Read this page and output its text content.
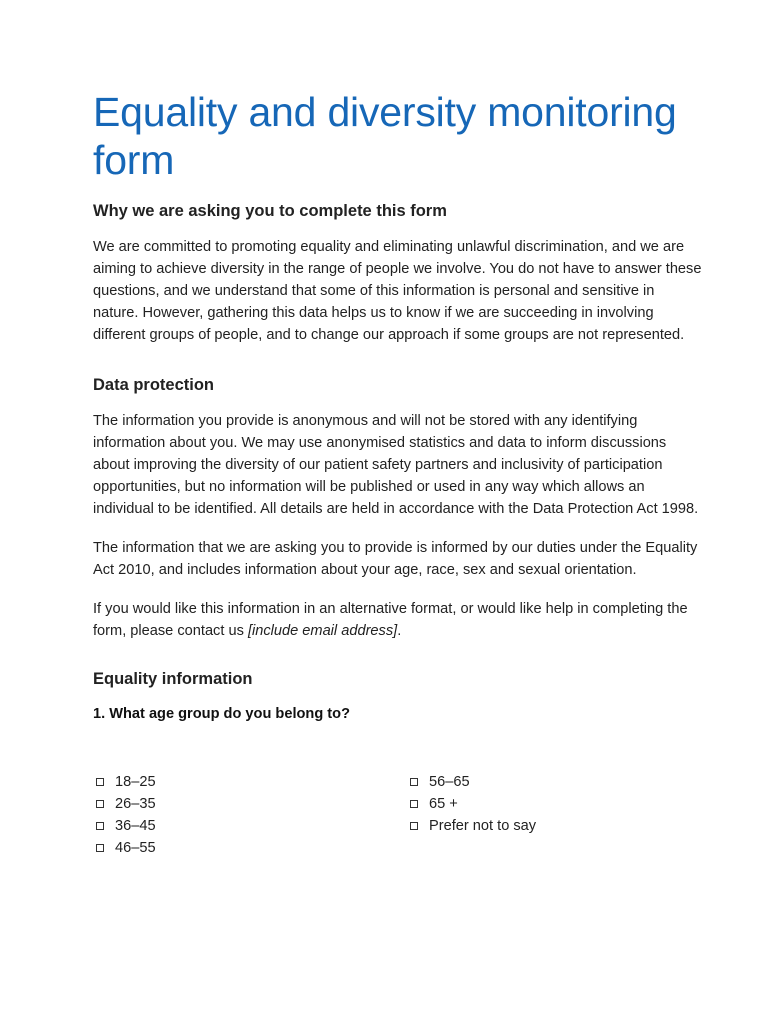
Equality and diversity monitoring form
Why we are asking you to complete this form

We are committed to promoting equality and eliminating unlawful discrimination, and we are aiming to achieve diversity in the range of people we involve. You do not have to answer these questions, and we understand that some of this information is personal and sensitive in nature. However, gathering this data helps us to know if we are succeeding in involving different groups of people, and to change our approach if some groups are not represented.

Data protection

The information you provide is anonymous and will not be stored with any identifying information about you. We may use anonymised statistics and data to inform discussions about improving the diversity of our patient safety partners and inclusivity of participation opportunities, but no information will be published or used in any way which allows an individual to be identified. All details are held in accordance with the Data Protection Act 1998.

The information that we are asking you to provide is informed by our duties under the Equality Act 2010, and includes information about your age, race, sex and sexual orientation.

If you would like this information in an alternative format, or would like help in completing the form, please contact us [include email address].

Equality information
1. What age group do you belong to?
18–25
26–35
36–45
46–55
56–65
65 +
Prefer not to say
